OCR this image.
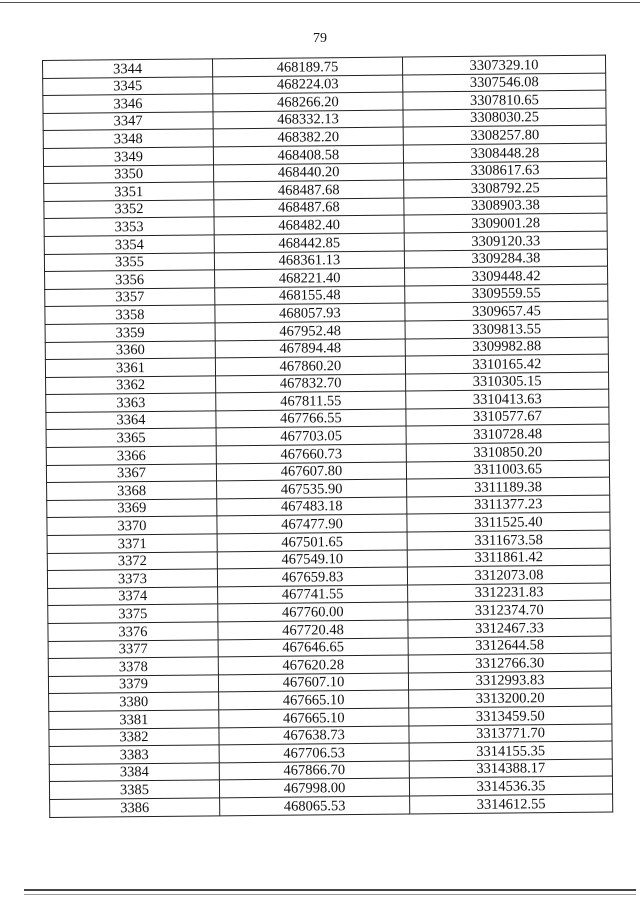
79
3344	468189.75	3307329.10
3345	468224.03	3307546.08
3346	468266.20	3307810.65
3347	468332.13	3308030.25
3348	468382.20	3308257.80
3349	468408.58	3308448.28
3350	468440.20	3308617.63
3351	468487.68	3308792.25
3352	468487.68	3308903.38
3353	468482.40	3309001.28
3354	468442.85	3309120.33
3355	468361.13	3309284.38
3356	468221.40	3309448.42
3357	468155.48	3309559.55
3358	468057.93	3309657.45
3359	467952.48	3309813.55
3360	467894.48	3309982.88
3361	467860.20	3310165.42
3362	467832.70	3310305.15
3363	467811.55	3310413.63
3364	467766.55	3310577.67
3365	467703.05	3310728.48
3366	467660.73	3310850.20
3367	467607.80	3311003.65
3368	467535.90	3311189.38
3369	467483.18	3311377.23
3370	467477.90	3311525.40
3371	467501.65	3311673.58
3372	467549.10	3311861.42
3373	467659.83	3312073.08
3374	467741.55	3312231.83
3375	467760.00	3312374.70
3376	467720.48	3312467.33
3377	467646.65	3312644.58
3378	467620.28	3312766.30
3379	467607.10	3312993.83
3380	467665.10	3313200.20
3381	467665.10	3313459.50
3382	467638.73	3313771.70
3383	467706.53	3314155.35
3384	467866.70	3314388.17
3385	467998.00	3314536.35
3386	468065.53	3314612.55
